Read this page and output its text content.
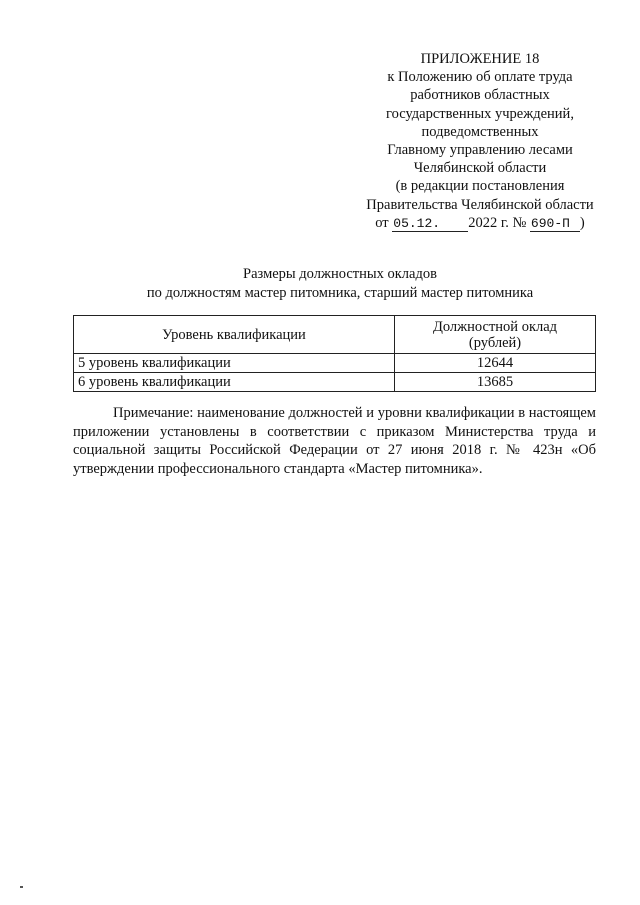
ПРИЛОЖЕНИЕ 18
к Положению об оплате труда
работников областных
государственных учреждений,
подведомственных
Главному управлению лесами
Челябинской области
(в редакции постановления
Правительства Челябинской области
от 05.12. 2022 г. № 690-П )
Размеры должностных окладов
по должностям мастер питомника, старший мастер питомника
Уровень квалификации	Должностной оклад
(рублей)

5 уровень квалификации	12644
6 уровень квалификации	13685
Примечание: наименование должностей и уровни квалификации в настоящем приложении установлены в соответствии с приказом Министерства труда и социальной защиты Российской Федерации от 27 июня 2018 г. № 423н «Об утверждении профессионального стандарта «Мастер питомника».
